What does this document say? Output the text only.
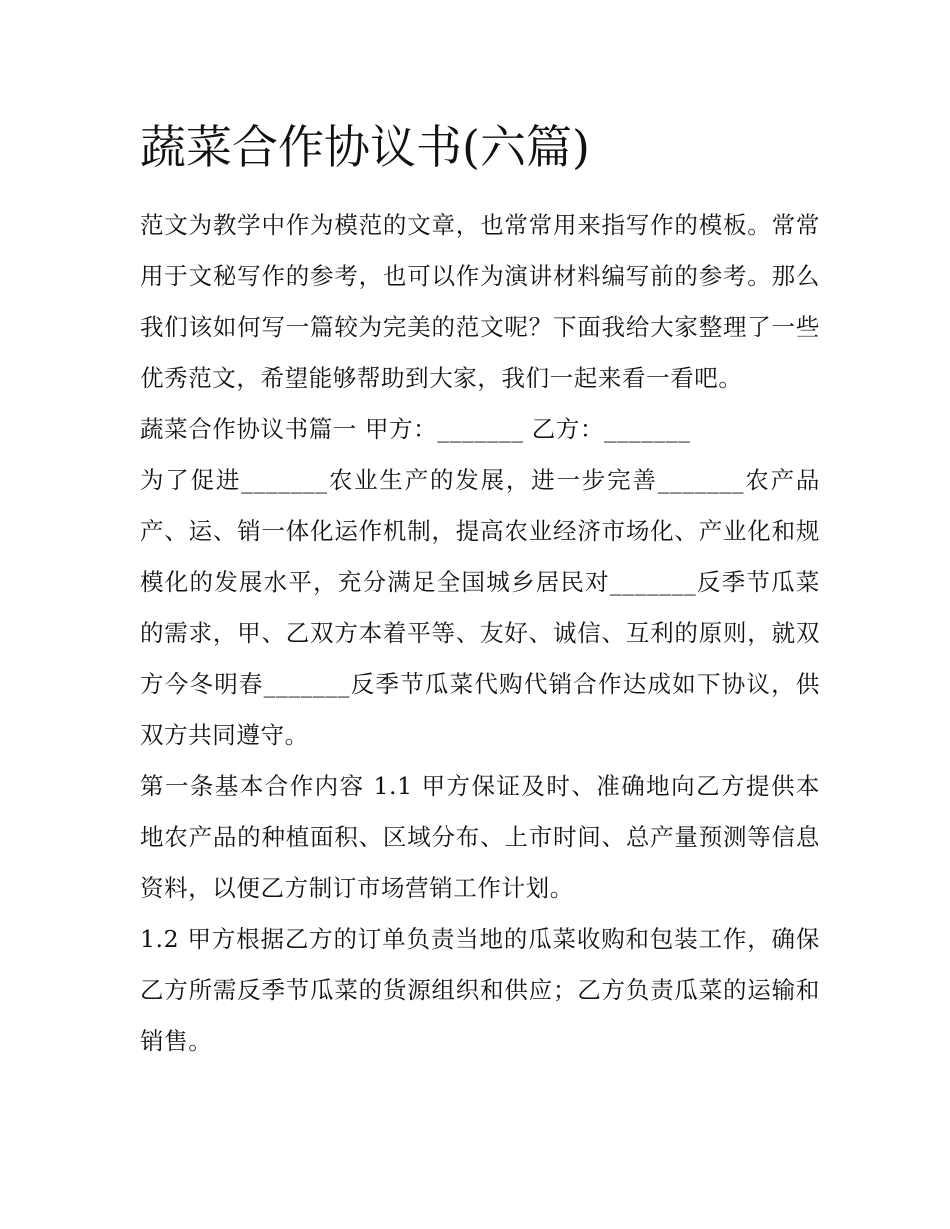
蔬菜合作协议书(六篇)

范文为教学中作为模范的文章，也常常用来指写作的模板。常常用于文秘写作的参考，也可以作为演讲材料编写前的参考。那么我们该如何写一篇较为完美的范文呢？下面我给大家整理了一些优秀范文，希望能够帮助到大家，我们一起来看一看吧。

蔬菜合作协议书篇一 甲方：_______ 乙方：_______

为了促进_______农业生产的发展，进一步完善_______农产品产、运、销一体化运作机制，提高农业经济市场化、产业化和规模化的发展水平，充分满足全国城乡居民对_______反季节瓜菜的需求，甲、乙双方本着平等、友好、诚信、互利的原则，就双方今冬明春_______反季节瓜菜代购代销合作达成如下协议，供双方共同遵守。

第一条基本合作内容 1.1 甲方保证及时、准确地向乙方提供本地农产品的种植面积、区域分布、上市时间、总产量预测等信息资料，以便乙方制订市场营销工作计划。

1.2 甲方根据乙方的订单负责当地的瓜菜收购和包装工作，确保乙方所需反季节瓜菜的货源组织和供应；乙方负责瓜菜的运输和销售。
